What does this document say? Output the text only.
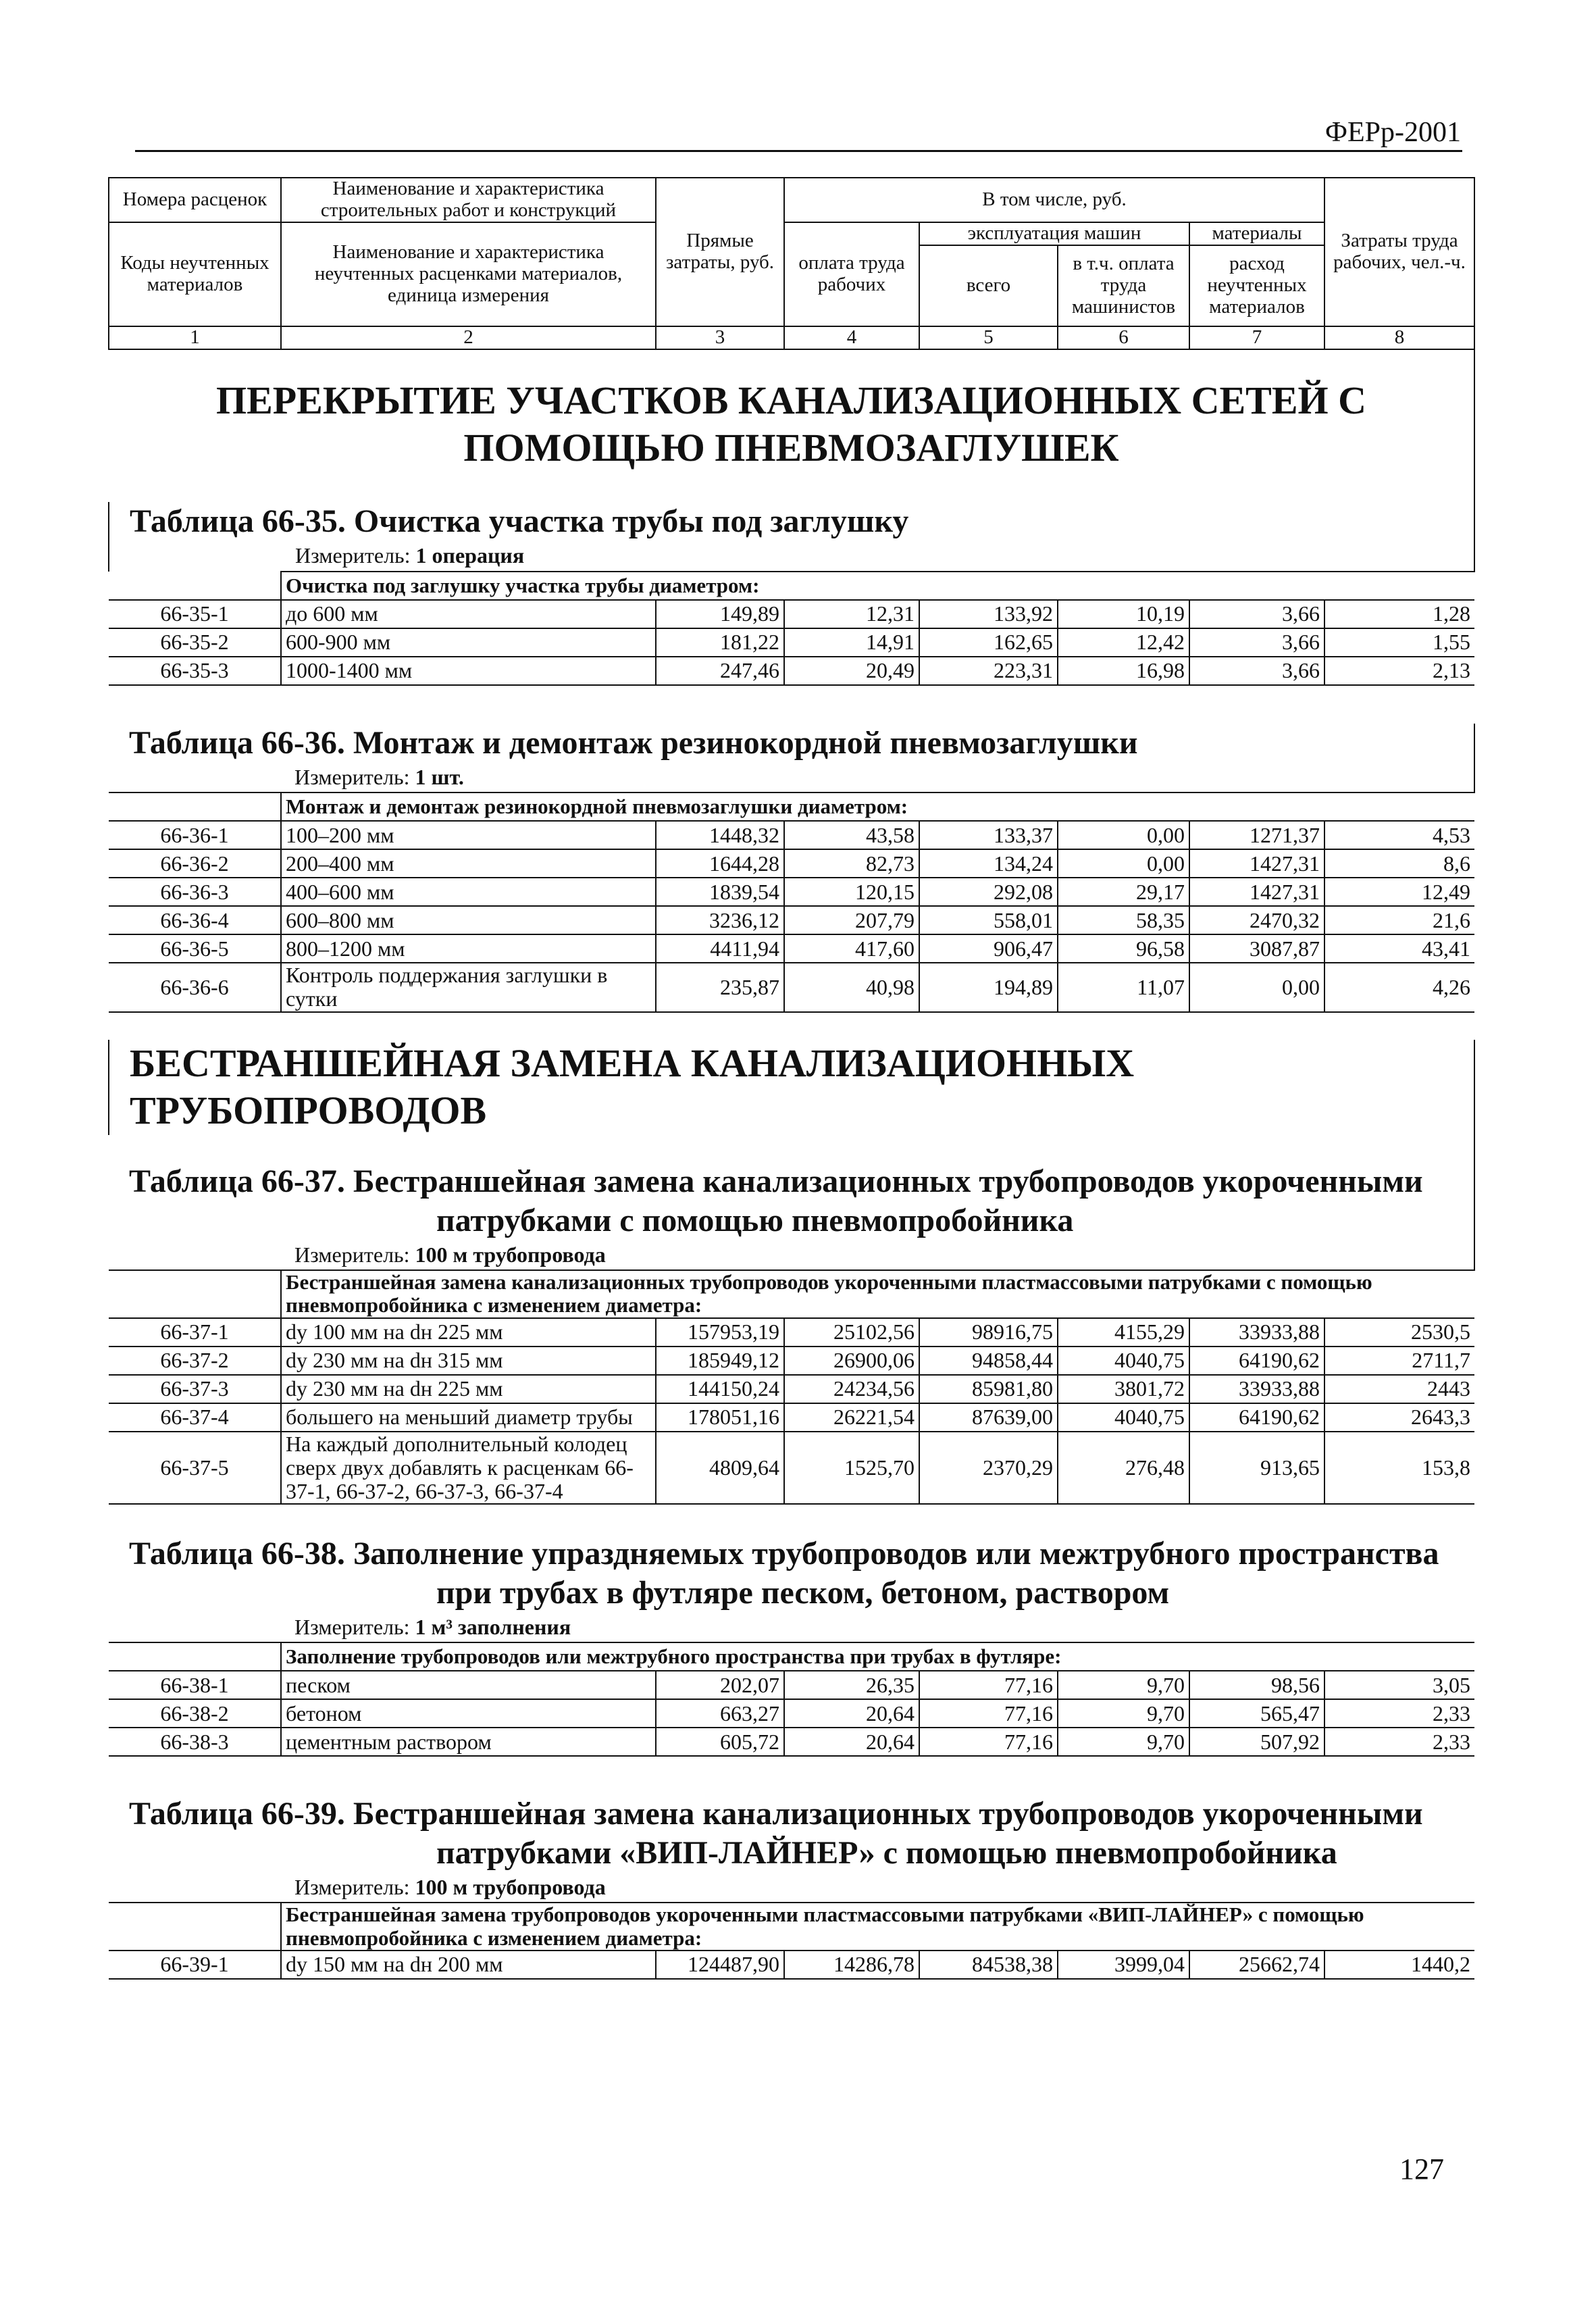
ФЕРр-2001
Номера расценок	Наименование и характеристика строительных работ и конструкций	Прямые затраты, руб.	В том числе, руб.				Затраты труда рабочих, чел.-ч.	
Коды неучтенных материалов	Наименование и характеристика неучтенных расценками материалов, единица измерения		оплата труда рабочих	эксплуатация машин		материалы		
				всего	в т.ч. оплата труда машинистов	расход неучтенных материалов		

1	2	3	4	5	6	7	8	

ПЕРЕКРЫТИЕ УЧАСТКОВ КАНАЛИЗАЦИОННЫХ СЕТЕЙ С ПОМОЩЬЮ ПНЕВМОЗАГЛУШЕК								

Таблица 66-35. Очистка участка трубы под заглушку								
Измеритель: 1 операция								
	Очистка под заглушку участка трубы диаметром:							
66-35-1	до 600 мм	149,89	12,31	133,92	10,19	3,66	1,28	
66-35-2	600-900 мм	181,22	14,91	162,65	12,42	3,66	1,55	
66-35-3	1000-1400 мм	247,46	20,49	223,31	16,98	3,66	2,13	

Таблица 66-36. Монтаж и демонтаж резинокордной пневмозаглушки								
Измеритель: 1 шт.								
	Монтаж и демонтаж резинокордной пневмозаглушки диаметром:							
66-36-1	100–200 мм	1448,32	43,58	133,37	0,00	1271,37	4,53	
66-36-2	200–400 мм	1644,28	82,73	134,24	0,00	1427,31	8,6	
66-36-3	400–600 мм	1839,54	120,15	292,08	29,17	1427,31	12,49	
66-36-4	600–800 мм	3236,12	207,79	558,01	58,35	2470,32	21,6	
66-36-5	800–1200 мм	4411,94	417,60	906,47	96,58	3087,87	43,41	
66-36-6	Контроль поддержания заглушки в сутки	235,87	40,98	194,89	11,07	0,00	4,26	

БЕСТРАНШЕЙНАЯ ЗАМЕНА КАНАЛИЗАЦИОННЫХ ТРУБОПРОВОДОВ								

Таблица 66-37. Бестраншейная замена канализационных трубопроводов укороченными
патрубками с помощью пневмопробойника								

Измеритель: 100 м трубопровода								
	Бестраншейная замена канализационных трубопроводов укороченными пластмассовыми патрубками с помощью пневмопробойника с изменением диаметра:							
66-37-1	dу 100 мм на dн 225 мм	157953,19	25102,56	98916,75	4155,29	33933,88	2530,5	
66-37-2	dу 230 мм на dн 315 мм	185949,12	26900,06	94858,44	4040,75	64190,62	2711,7	
66-37-3	dу 230 мм на dн 225 мм	144150,24	24234,56	85981,80	3801,72	33933,88	2443	
66-37-4	большего на меньший диаметр трубы	178051,16	26221,54	87639,00	4040,75	64190,62	2643,3	
66-37-5	На каждый дополнительный колодец сверх двух добавлять к расценкам 66-37-1, 66-37-2, 66-37-3, 66-37-4	4809,64	1525,70	2370,29	276,48	913,65	153,8	

Таблица 66-38. Заполнение упраздняемых трубопроводов или межтрубного пространства
при трубах в футляре песком, бетоном, раствором								

Измеритель: 1 м³ заполнения								
	Заполнение трубопроводов или межтрубного пространства при трубах в футляре:							
66-38-1	песком	202,07	26,35	77,16	9,70	98,56	3,05	
66-38-2	бетоном	663,27	20,64	77,16	9,70	565,47	2,33	
66-38-3	цементным раствором	605,72	20,64	77,16	9,70	507,92	2,33	

Таблица 66-39. Бестраншейная замена канализационных трубопроводов укороченными
патрубками «ВИП-ЛАЙНЕР» с помощью пневмопробойника								

Измеритель: 100 м трубопровода								
	Бестраншейная замена трубопроводов укороченными пластмассовыми патрубками «ВИП-ЛАЙНЕР» с помощью пневмопробойника с изменением диаметра:							
66-39-1	dу 150 мм на dн 200 мм	124487,90	14286,78	84538,38	3999,04	25662,74	1440,2	
127
